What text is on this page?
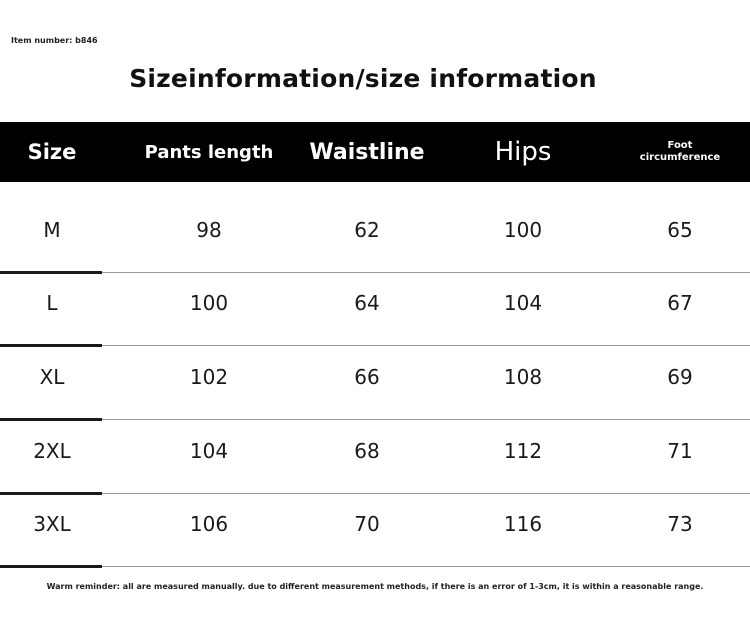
Item number: b846
Sizeinformation/size information
Size	Pants length	Waistline	Hips	Foot
circumference
M	98	62	100	65
L	100	64	104	67
XL	102	66	108	69
2XL	104	68	112	71
3XL	106	70	116	73
Warm reminder: all are measured manually. due to different measurement methods, if there is an error of 1-3cm, it is within a reasonable range.
